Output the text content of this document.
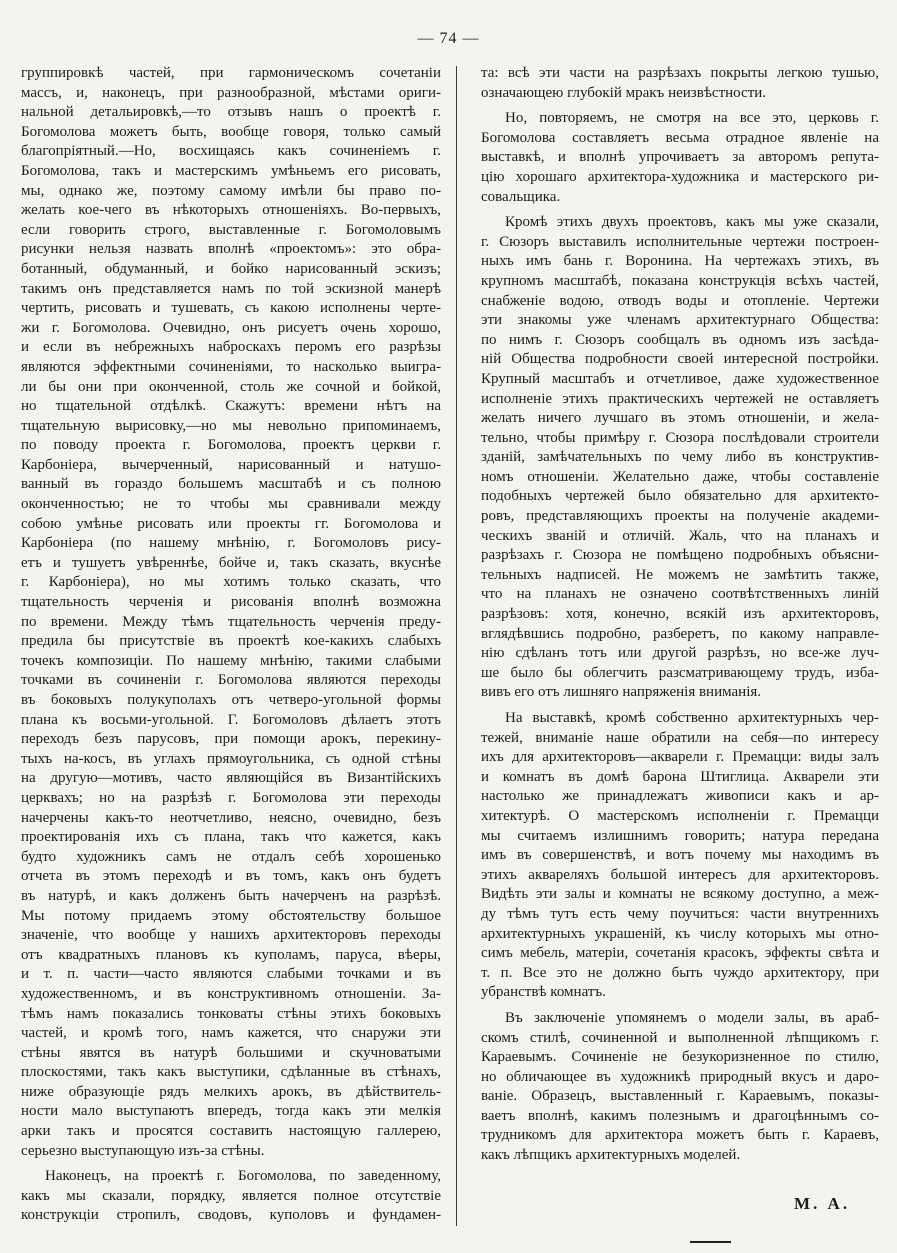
— 74 —
группировкѣ частей, при гармоническомъ сочетаніи
массъ, и, наконецъ, при разнообразной, мѣстами ориги-
нальной детальировкѣ,—то отзывъ нашъ о проектѣ г.
Богомолова можетъ быть, вообще говоря, только самый
благопріятный.—Но, восхищаясь какъ сочиненіемъ г.
Богомолова, такъ и мастерскимъ умѣньемъ его рисовать,
мы, однако же, поэтому самому имѣли бы право по-
желать кое-чего въ нѣкоторыхъ отношеніяхъ. Во-первыхъ,
если говорить строго, выставленные г. Богомоловымъ
рисунки нельзя назвать вполнѣ «проектомъ»: это обра-
ботанный, обдуманный, и бойко нарисованный эскизъ;
такимъ онъ представляется намъ по той эскизной манерѣ
чертить, рисовать и тушевать, съ какою исполнены черте-
жи г. Богомолова. Очевидно, онъ рисуетъ очень хорошо,
и если въ небрежныхъ наброскахъ перомъ его разрѣзы
являются эффектными сочиненіями, то насколько выигра-
ли бы они при оконченной, столь же сочной и бойкой,
но тщательной отдѣлкѣ. Скажутъ: времени нѣтъ на
тщательную вырисовку,—но мы невольно припоминаемъ,
по поводу проекта г. Богомолова, проектъ церкви г.
Карбоніера, вычерченный, нарисованный и натушо-
ванный въ гораздо большемъ масштабѣ и съ полною
оконченностью; не то чтобы мы сравнивали между
собою умѣнье рисовать или проекты гг. Богомолова и
Карбоніера (по нашему мнѣнію, г. Богомоловъ рису-
етъ и тушуетъ увѣреннѣе, бойче и, такъ сказать, вкуснѣе
г. Карбоніера), но мы хотимъ только сказать, что
тщательность черченія и рисованія вполнѣ возможна
по времени. Между тѣмъ тщательность черченія преду-
предила бы присутствіе въ проектѣ кое-какихъ слабыхъ
точекъ композиціи. По нашему мнѣнію, такими слабыми
точками въ сочиненіи г. Богомолова являются переходы
въ боковыхъ полукуполахъ отъ четверо-угольной формы
плана къ восьми-угольной. Г. Богомоловъ дѣлаетъ этотъ
переходъ безъ парусовъ, при помощи арокъ, перекину-
тыхъ на-косъ, въ углахъ прямоугольника, съ одной стѣны
на другую—мотивъ, часто являющійся въ Византійскихъ
церквахъ; но на разрѣзѣ г. Богомолова эти переходы
начерчены какъ-то неотчетливо, неясно, очевидно, безъ
проектированія ихъ съ плана, такъ что кажется, какъ
будто художникъ самъ не отдалъ себѣ хорошенько
отчета въ этомъ переходѣ и въ томъ, какъ онъ будетъ
въ натурѣ, и какъ долженъ быть начерченъ на разрѣзѣ.
Мы потому придаемъ этому обстоятельству большое
значеніе, что вообще у нашихъ архитекторовъ переходы
отъ квадратныхъ плановъ къ куполамъ, паруса, вѣеры,
и т. п. части—часто являются слабыми точками и въ
художественномъ, и въ конструктивномъ отношеніи. За-
тѣмъ намъ показались тонковаты стѣны этихъ боковыхъ
частей, и кромѣ того, намъ кажется, что снаружи эти
стѣны явятся въ натурѣ большими и скучноватыми
плоскостями, такъ какъ выступики, сдѣланные въ стѣнахъ,
ниже образующіе рядъ мелкихъ арокъ, въ дѣйствитель-
ности мало выступаютъ впередъ, тогда какъ эти мелкія
арки такъ и просятся составить настоящую галлерею,
серьезно выступающую изъ-за стѣны.
Наконецъ, на проектѣ г. Богомолова, по заведенному,
какъ мы сказали, порядку, является полное отсутствіе
конструкціи стропилъ, сводовъ, куполовъ и фундамен-
та: всѣ эти части на разрѣзахъ покрыты легкою тушью,
означающею глубокій мракъ неизвѣстности.
Но, повторяемъ, не смотря на все это, церковь г.
Богомолова составляетъ весьма отрадное явленіе на
выставкѣ, и вполнѣ упрочиваетъ за авторомъ репута-
цію хорошаго архитектора-художника и мастерского ри-
совальщика.
Кромѣ этихъ двухъ проектовъ, какъ мы уже сказали,
г. Сюзоръ выставилъ исполнительные чертежи построен-
ныхъ имъ бань г. Воронина. На чертежахъ этихъ, въ
крупномъ масштабѣ, показана конструкція всѣхъ частей,
снабженіе водою, отводъ воды и отопленіе. Чертежи
эти знакомы уже членамъ архитектурнаго Общества:
по нимъ г. Сюзоръ сообщалъ въ одномъ изъ засѣда-
ній Общества подробности своей интересной постройки.
Крупный масштабъ и отчетливое, даже художественное
исполненіе этихъ практическихъ чертежей не оставляетъ
желать ничего лучшаго въ этомъ отношеніи, и жела-
тельно, чтобы примѣру г. Сюзора послѣдовали строители
зданій, замѣчательныхъ по чему либо въ конструктив-
номъ отношеніи. Желательно даже, чтобы составленіе
подобныхъ чертежей было обязательно для архитекто-
ровъ, представляющихъ проекты на полученіе академи-
ческихъ званій и отличій. Жаль, что на планахъ и
разрѣзахъ г. Сюзора не помѣщено подробныхъ объясни-
тельныхъ надписей. Не можемъ не замѣтить также,
что на планахъ не означено соотвѣтственныхъ линій
разрѣзовъ: хотя, конечно, всякій изъ архитекторовъ,
вглядѣвшись подробно, разберетъ, по какому направле-
нію сдѣланъ тотъ или другой разрѣзъ, но все-же луч-
ше было бы облегчить разсматривающему трудъ, изба-
вивъ его отъ лишняго напряженія вниманія.
На выставкѣ, кромѣ собственно архитектурныхъ чер-
тежей, вниманіе наше обратили на себя—по интересу
ихъ для архитекторовъ—акварели г. Премацци: виды залъ
и комнатъ въ домѣ барона Штиглица. Акварели эти
настолько же принадлежатъ живописи какъ и ар-
хитектурѣ. О мастерскомъ исполненіи г. Премацци
мы считаемъ излишнимъ говорить; натура передана
имъ въ совершенствѣ, и вотъ почему мы находимъ въ
этихъ аквареляхъ большой интересъ для архитекторовъ.
Видѣть эти залы и комнаты не всякому доступно, а меж-
ду тѣмъ тутъ есть чему поучиться: части внутреннихъ
архитектурныхъ украшеній, къ числу которыхъ мы отно-
симъ мебель, матеріи, сочетанія красокъ, эффекты свѣта и
т. п. Все это не должно быть чуждо архитектору, при
убранствѣ комнатъ.
Въ заключеніе упомянемъ о модели залы, въ араб-
скомъ стилѣ, сочиненной и выполненной лѣпщикомъ г.
Караевымъ. Сочиненіе не безукоризненное по стилю,
но обличающее въ художникѣ природный вкусъ и даро-
ваніе. Образецъ, выставленный г. Караевымъ, показы-
ваетъ вполнѣ, какимъ полезнымъ и драгоцѣннымъ со-
трудникомъ для архитектора можетъ быть г. Караевъ,
какъ лѣпщикъ архитектурныхъ моделей.
М. А.
